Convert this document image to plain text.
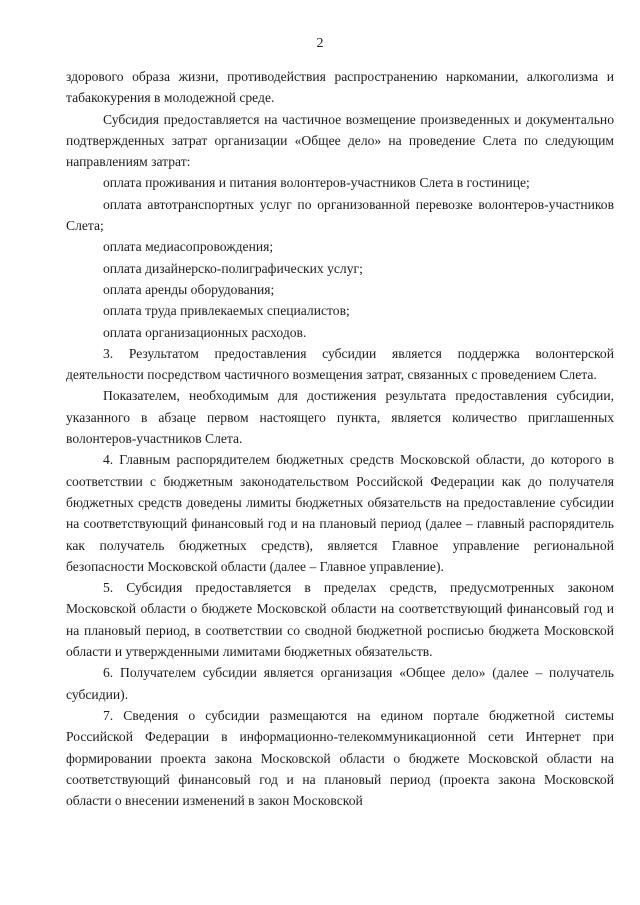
2

здорового образа жизни, противодействия распространению наркомании, алкоголизма и табакокурения в молодежной среде.

Субсидия предоставляется на частичное возмещение произведенных и документально подтвержденных затрат организации «Общее дело» на проведение Слета по следующим направлениям затрат:

оплата проживания и питания волонтеров-участников Слета в гостинице;

оплата автотранспортных услуг по организованной перевозке волонтеров-участников Слета;

оплата медиасопровождения;

оплата дизайнерско-полиграфических услуг;

оплата аренды оборудования;

оплата труда привлекаемых специалистов;

оплата организационных расходов.

3. Результатом предоставления субсидии является поддержка волонтерской деятельности посредством частичного возмещения затрат, связанных с проведением Слета.

Показателем, необходимым для достижения результата предоставления субсидии, указанного в абзаце первом настоящего пункта, является количество приглашенных волонтеров-участников Слета.

4. Главным распорядителем бюджетных средств Московской области, до которого в соответствии с бюджетным законодательством Российской Федерации как до получателя бюджетных средств доведены лимиты бюджетных обязательств на предоставление субсидии на соответствующий финансовый год и на плановый период (далее – главный распорядитель как получатель бюджетных средств), является Главное управление региональной безопасности Московской области (далее – Главное управление).

5. Субсидия предоставляется в пределах средств, предусмотренных законом Московской области о бюджете Московской области на соответствующий финансовый год и на плановый период, в соответствии со сводной бюджетной росписью бюджета Московской области и утвержденными лимитами бюджетных обязательств.

6. Получателем субсидии является организация «Общее дело» (далее – получатель субсидии).

7. Сведения о субсидии размещаются на едином портале бюджетной системы Российской Федерации в информационно-телекоммуникационной сети Интернет при формировании проекта закона Московской области о бюджете Московской области на соответствующий финансовый год и на плановый период (проекта закона Московской области о внесении изменений в закон Московской
